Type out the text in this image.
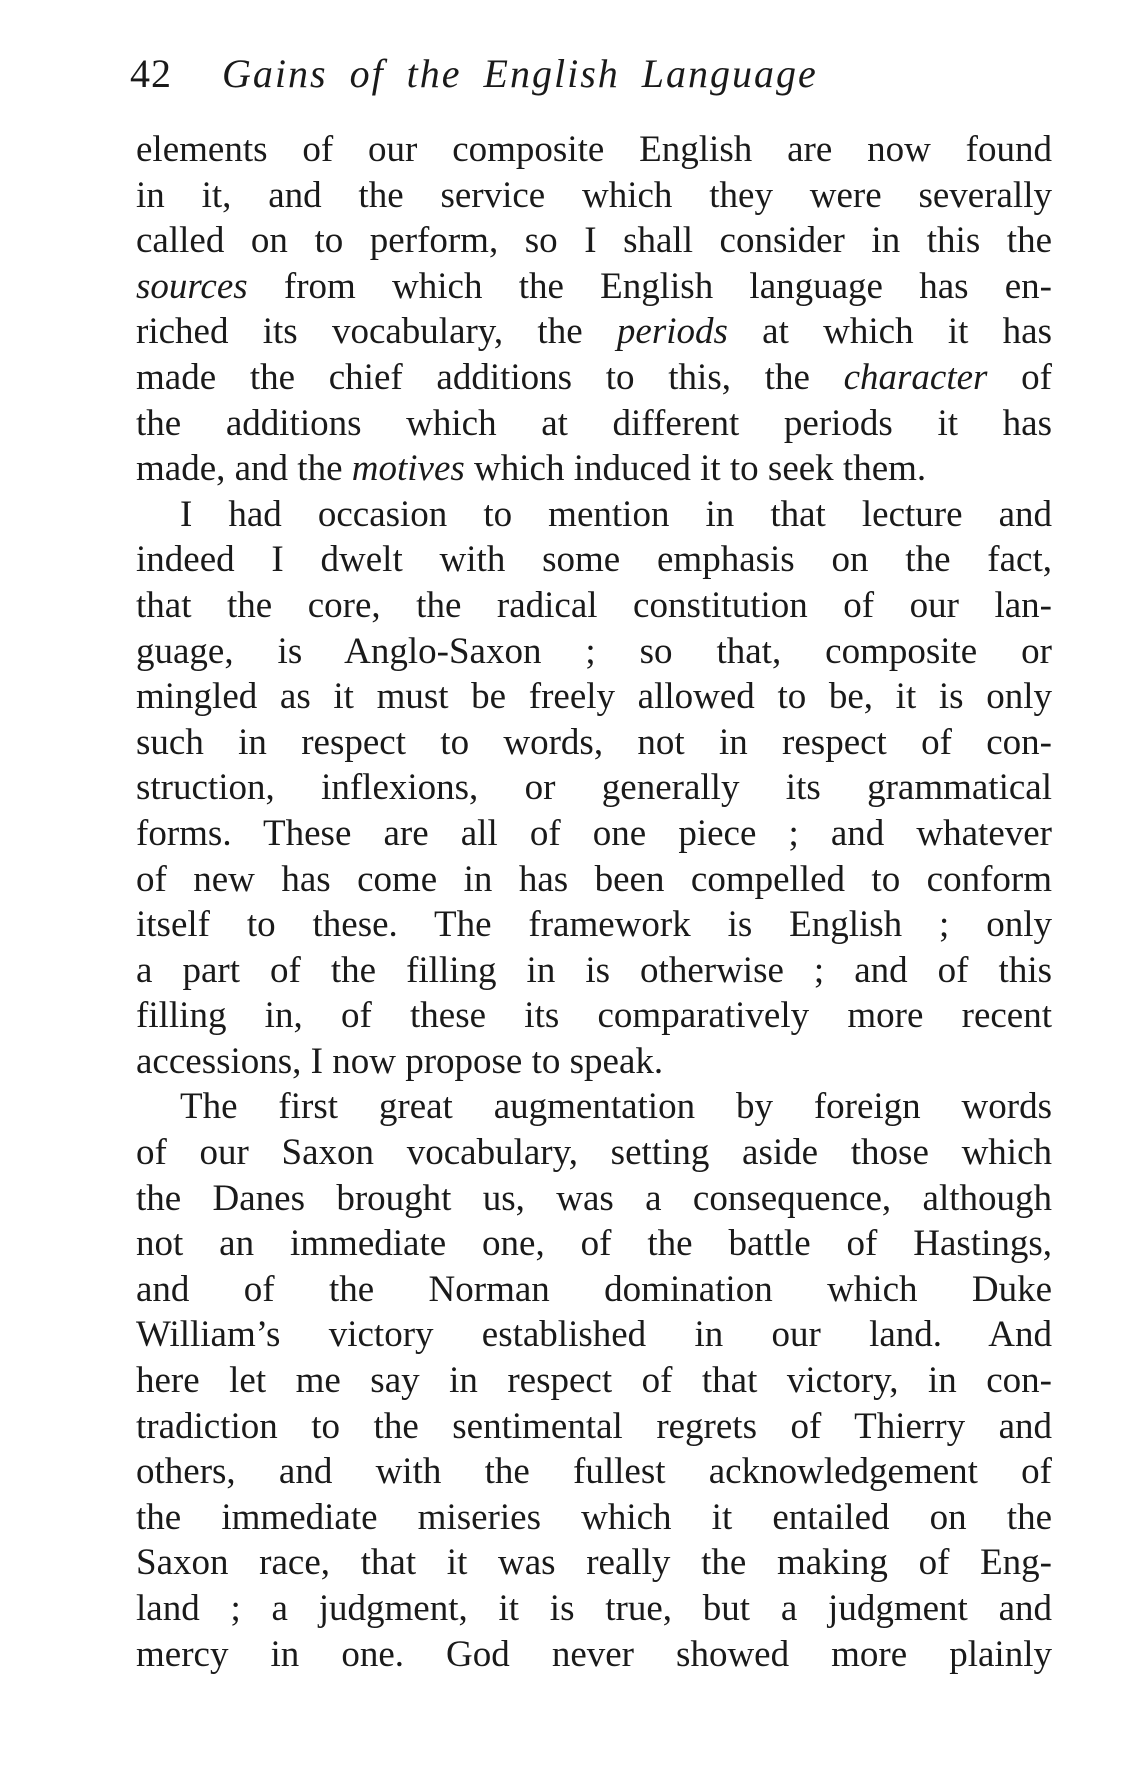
42 Gains of the English Language
elements of our composite English are now found
in it, and the service which they were severally
called on to perform, so I shall consider in this the
sources from which the English language has en-
riched its vocabulary, the periods at which it has
made the chief additions to this, the character of
the additions which at different periods it has
made, and the motives which induced it to seek them.
I had occasion to mention in that lecture and
indeed I dwelt with some emphasis on the fact,
that the core, the radical constitution of our lan-
guage, is Anglo-Saxon ; so that, composite or
mingled as it must be freely allowed to be, it is only
such in respect to words, not in respect of con-
struction, inflexions, or generally its grammatical
forms. These are all of one piece ; and whatever
of new has come in has been compelled to conform
itself to these. The framework is English ; only
a part of the filling in is otherwise ; and of this
filling in, of these its comparatively more recent
accessions, I now propose to speak.
The first great augmentation by foreign words
of our Saxon vocabulary, setting aside those which
the Danes brought us, was a consequence, although
not an immediate one, of the battle of Hastings,
and of the Norman domination which Duke
William’s victory established in our land. And
here let me say in respect of that victory, in con-
tradiction to the sentimental regrets of Thierry and
others, and with the fullest acknowledgement of
the immediate miseries which it entailed on the
Saxon race, that it was really the making of Eng-
land ; a judgment, it is true, but a judgment and
mercy in one. God never showed more plainly
